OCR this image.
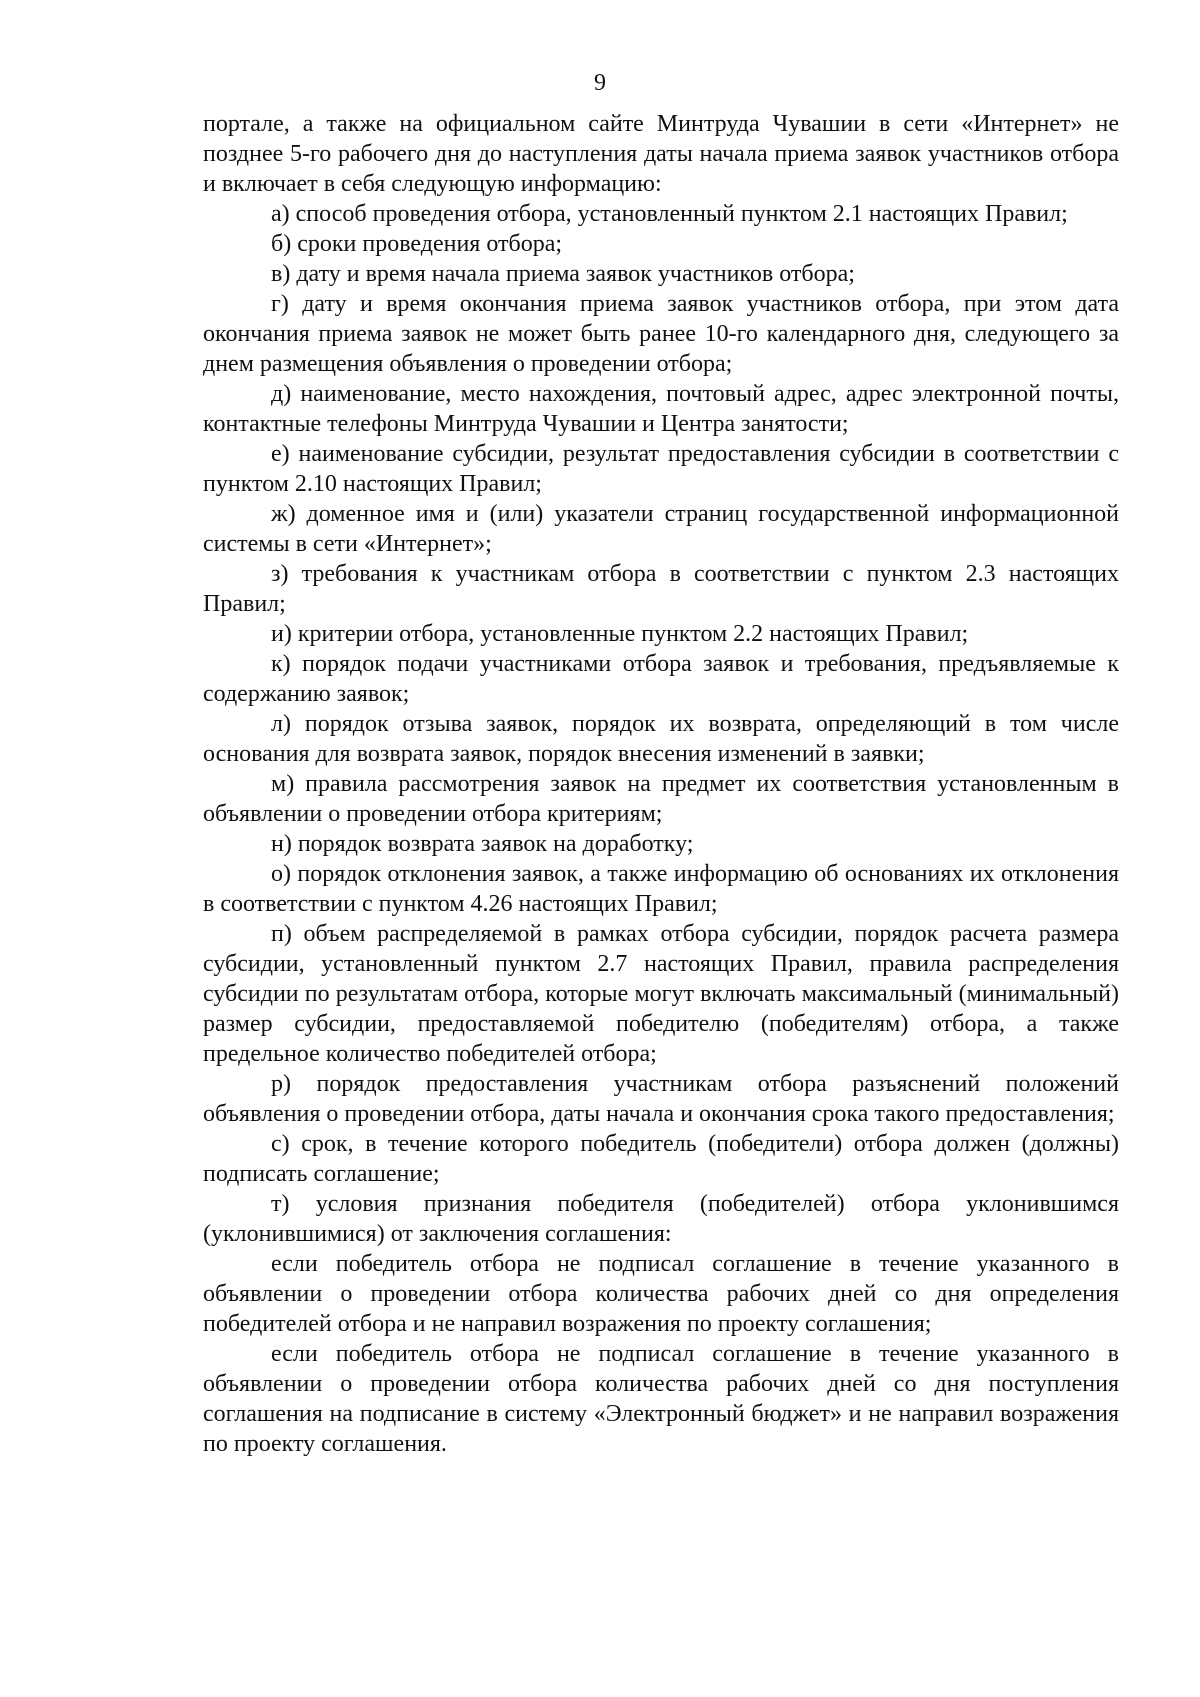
9

портале, а также на официальном сайте Минтруда Чувашии в сети «Интернет» не позднее 5-го рабочего дня до наступления даты начала приема заявок участников отбора и включает в себя следующую информацию:

а) способ проведения отбора, установленный пунктом 2.1 настоящих Правил;

б) сроки проведения отбора;

в) дату и время начала приема заявок участников отбора;

г) дату и время окончания приема заявок участников отбора, при этом дата окончания приема заявок не может быть ранее 10-го календарного дня, следующего за днем размещения объявления о проведении отбора;

д) наименование, место нахождения, почтовый адрес, адрес электронной почты, контактные телефоны Минтруда Чувашии и Центра занятости;

е) наименование субсидии, результат предоставления субсидии в соответствии с пунктом 2.10 настоящих Правил;

ж) доменное имя и (или) указатели страниц государственной информационной системы в сети «Интернет»;

з) требования к участникам отбора в соответствии с пунктом 2.3 настоящих Правил;

и) критерии отбора, установленные пунктом 2.2 настоящих Правил;

к) порядок подачи участниками отбора заявок и требования, предъявляемые к содержанию заявок;

л) порядок отзыва заявок, порядок их возврата, определяющий в том числе основания для возврата заявок, порядок внесения изменений в заявки;

м) правила рассмотрения заявок на предмет их соответствия установленным в объявлении о проведении отбора критериям;

н) порядок возврата заявок на доработку;

о) порядок отклонения заявок, а также информацию об основаниях их отклонения в соответствии с пунктом 4.26 настоящих Правил;

п) объем распределяемой в рамках отбора субсидии, порядок расчета размера субсидии, установленный пунктом 2.7 настоящих Правил, правила распределения субсидии по результатам отбора, которые могут включать максимальный (минимальный) размер субсидии, предоставляемой победителю (победителям) отбора, а также предельное количество победителей отбора;

р) порядок предоставления участникам отбора разъяснений положений объявления о проведении отбора, даты начала и окончания срока такого предоставления;

с) срок, в течение которого победитель (победители) отбора должен (должны) подписать соглашение;

т) условия признания победителя (победителей) отбора уклонившимся (уклонившимися) от заключения соглашения:

если победитель отбора не подписал соглашение в течение указанного в объявлении о проведении отбора количества рабочих дней со дня определения победителей отбора и не направил возражения по проекту соглашения;

если победитель отбора не подписал соглашение в течение указанного в объявлении о проведении отбора количества рабочих дней со дня поступления соглашения на подписание в систему «Электронный бюджет» и не направил возражения по проекту соглашения.
